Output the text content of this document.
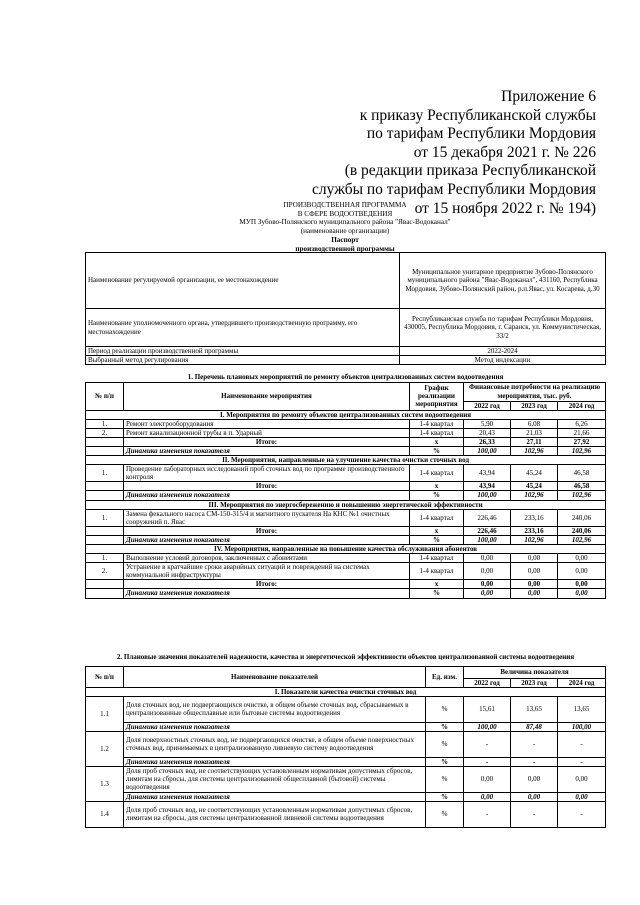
Приложение 6
к приказу Республиканской службы
по тарифам Республики Мордовия
от 15 декабря 2021 г. № 226
(в редакции приказа Республиканской
службы по тарифам Республики Мордовия
от 15 ноября 2022 г. № 194)
ПРОИЗВОДСТВЕННАЯ ПРОГРАММА
В СФЕРЕ ВОДООТВЕДЕНИЯ
МУП Зубово-Полянского муниципального района "Явас-Водоканал"
(наименование организации)
Паспорт
производственной программы
Наименование регулируемой организации, ее местонахождение	Муниципальное унитарное предприятие Зубово-Полянского муниципального района "Явас-Водоканал", 431160, Республика Мордовия, Зубово-Полянский район, р.п.Явас, ул. Косарева, д.30
Наименование уполномоченного органа, утвердившего производственную программу, его местонахождение	Республиканская служба по тарифам Республики Мордовия, 430005, Республика Мордовия, г. Саранск, ул. Коммунистическая, 33/2
Период реализации производственной программы	2022-2024
Выбранный метод регулирования	Метод индексации
1. Перечень плановых мероприятий по ремонту объектов централизованных систем водоотведения					
№ п/п	Наименование мероприятия	График реализации мероприятия	Финансовые потребности на реализацию мероприятия, тыс. руб.		
			2022 год	2023 год	2024 год
I. Мероприятия по ремонту объектов централизованных систем водоотведения					
1.	Ремонт электрооборудования	1-4 квартал	5,90	6,08	6,26
2.	Ремонт канализационной трубы в п. Ударный	1-4 квартал	20,43	21,03	21,66
	Итого:	х	26,33	27,11	27,92
	Динамика изменения показателя	%	100,00	102,96	102,96
II. Мероприятия, направленные на улучшение качества очистки сточных вод					
1.	Проведение лабораторных исследований проб сточных вод по программе производственного контроля	1-4 квартал	43,94	45,24	46,58
	Итого:	х	43,94	45,24	46,58
	Динамика изменения показателя	%	100,00	102,96	102,96
III. Мероприятия по энергосбережению и повышению энергетической эффективности					
1.	Замена фекального насоса СМ-150-315/4 и магнитного пускателя На КНС №1 очистных сооружений п. Явас	1-4 квартал	226,46	233,16	240,06
	Итого:	х	226,46	233,16	240,06
	Динамика изменения показателя	%	100,00	102,96	102,96
IV. Мероприятия, направленные на повышение качества обслуживания абонентов					
1.	Выполнение условий договоров, заключенных с абонентами	1-4 квартал	0,00	0,00	0,00
2.	Устранение в кратчайшие сроки аварийных ситуаций и повреждений на системах коммунальной инфраструктуры	1-4 квартал	0,00	0,00	0,00
	Итого:	х	0,00	0,00	0,00
	Динамика изменения показателя	%	0,00	0,00	0,00
2. Плановые значения показателей надежности, качества и энергетической эффективности объектов централизованной системы водоотведения					
№ п/п	Наименование показателей	Ед. изм.	Величина показателя		
			2022 год	2023 год	2024 год
I. Показатели качества очистки сточных вод					
1.1	Доля сточных вод, не подвергающихся очистке, в общем объеме сточных вод, сбрасываемых в централизованные общесплавные или бытовые системы водоотведения	%	15,61	13,65	13,65
	Динамика изменения показателя	%	100,00	87,48	100,00
1.2	Доля поверхностных сточных вод, не подвергающихся очистке, в общем объеме поверхностных сточных вод, принимаемых в централизованную ливневую систему водоотведения	%	-	-	-
	Динамика изменения показателя	%	-	-	-
1.3	Доля проб сточных вод, не соответствующих установленным нормативам допустимых сбросов, лимитам на сбросы, для системы централизованной общесплавной (бытовой) системы водоотведения	%	0,00	0,00	0,00
	Динамика изменения показателя	%	0,00	0,00	0,00
1.4	Доля проб сточных вод, не соответствующих установленным нормативам допустимых сбросов, лимитам на сбросы, для системы централизованной ливневой системы водоотведения	%	-	-	-
